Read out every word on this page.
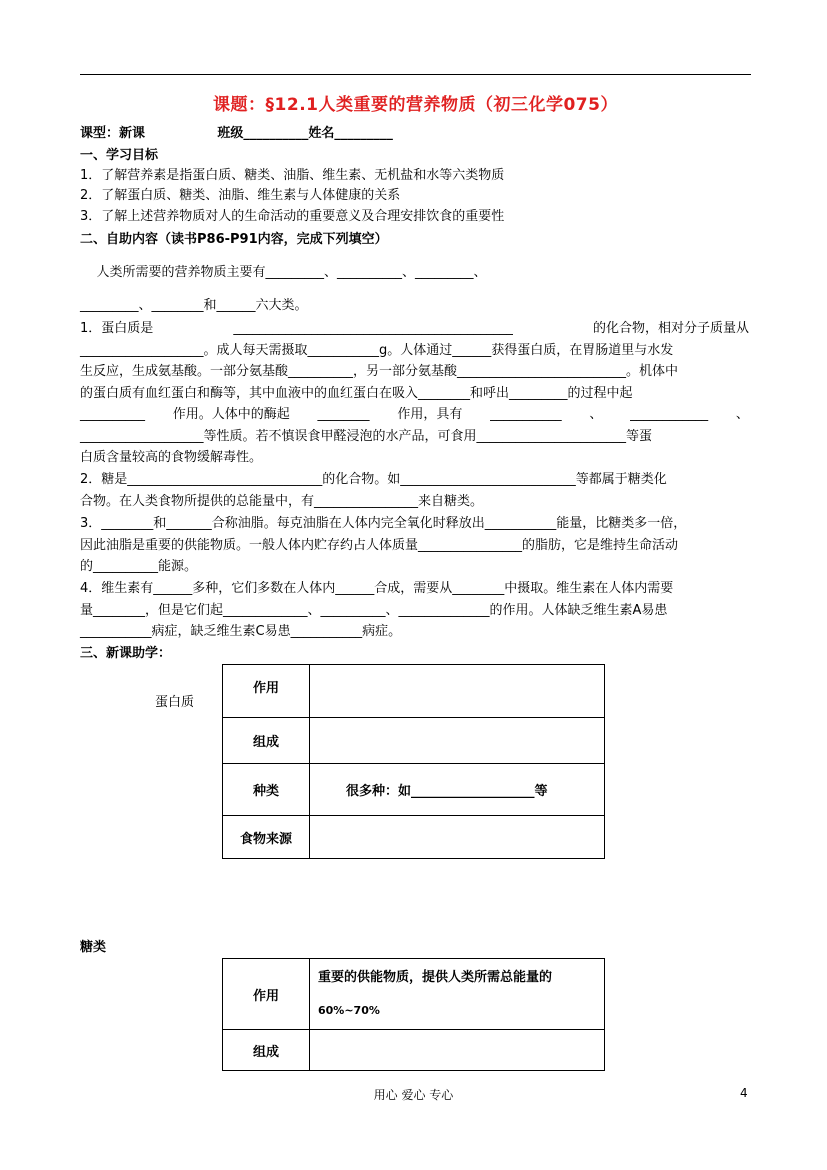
课题：§12.1人类重要的营养物质（初三化学075）
课型：新课                班级__________姓名_________
一、学习目标
1．了解营养素是指蛋白质、糖类、油脂、维生素、无机盐和水等六类物质
2．了解蛋白质、糖类、油脂、维生素与人体健康的关系
3．了解上述营养物质对人的生命活动的重要意义及合理安排饮食的重要性
二、自助内容（读书P86-P91内容，完成下列填空）
人类所需要的营养物质主要有_________、__________、_________、
_________、________和______六大类。
1．蛋白质是	___________________________________________	的化合物，相对分子质量从
___________________。成人每天需摄取___________g。人体通过______获得蛋白质，在胃肠道里与水发
生反应，生成氨基酸。一部分氨基酸__________，另一部分氨基酸__________________________。机体中
的蛋白质有血红蛋白和酶等，其中血液中的血红蛋白在吸入________和呼出_________的过程中起
__________ 作用。人体中的酶起 ________ 作用，具有 ___________ 、 ____________ 、
___________________等性质。若不慎误食甲醛浸泡的水产品，可食用_______________________等蛋
白质含量较高的食物缓解毒性。
2．糖是______________________________的化合物。如___________________________等都属于糖类化
合物。在人类食物所提供的总能量中，有________________来自糖类。
3．________和_______合称油脂。每克油脂在人体内完全氧化时释放出___________能量，比糖类多一倍，
因此油脂是重要的供能物质。一般人体内贮存约占人体质量________________的脂肪，它是维持生命活动
的__________能源。
4．维生素有______多种，它们多数在人体内______合成，需要从________中摄取。维生素在人体内需要
量________，但是它们起_____________、__________、______________的作用。人体缺乏维生素A易患
___________病症，缺乏维生素C易患___________病症。
三、新课助学：
蛋白质
作用	
组成	
种类	很多种：如___________________等
食物来源	
糖类
作用	重要的供能物质，提供人类所需总能量的
60%~70%

组成	
用心 爱心 专心	4
